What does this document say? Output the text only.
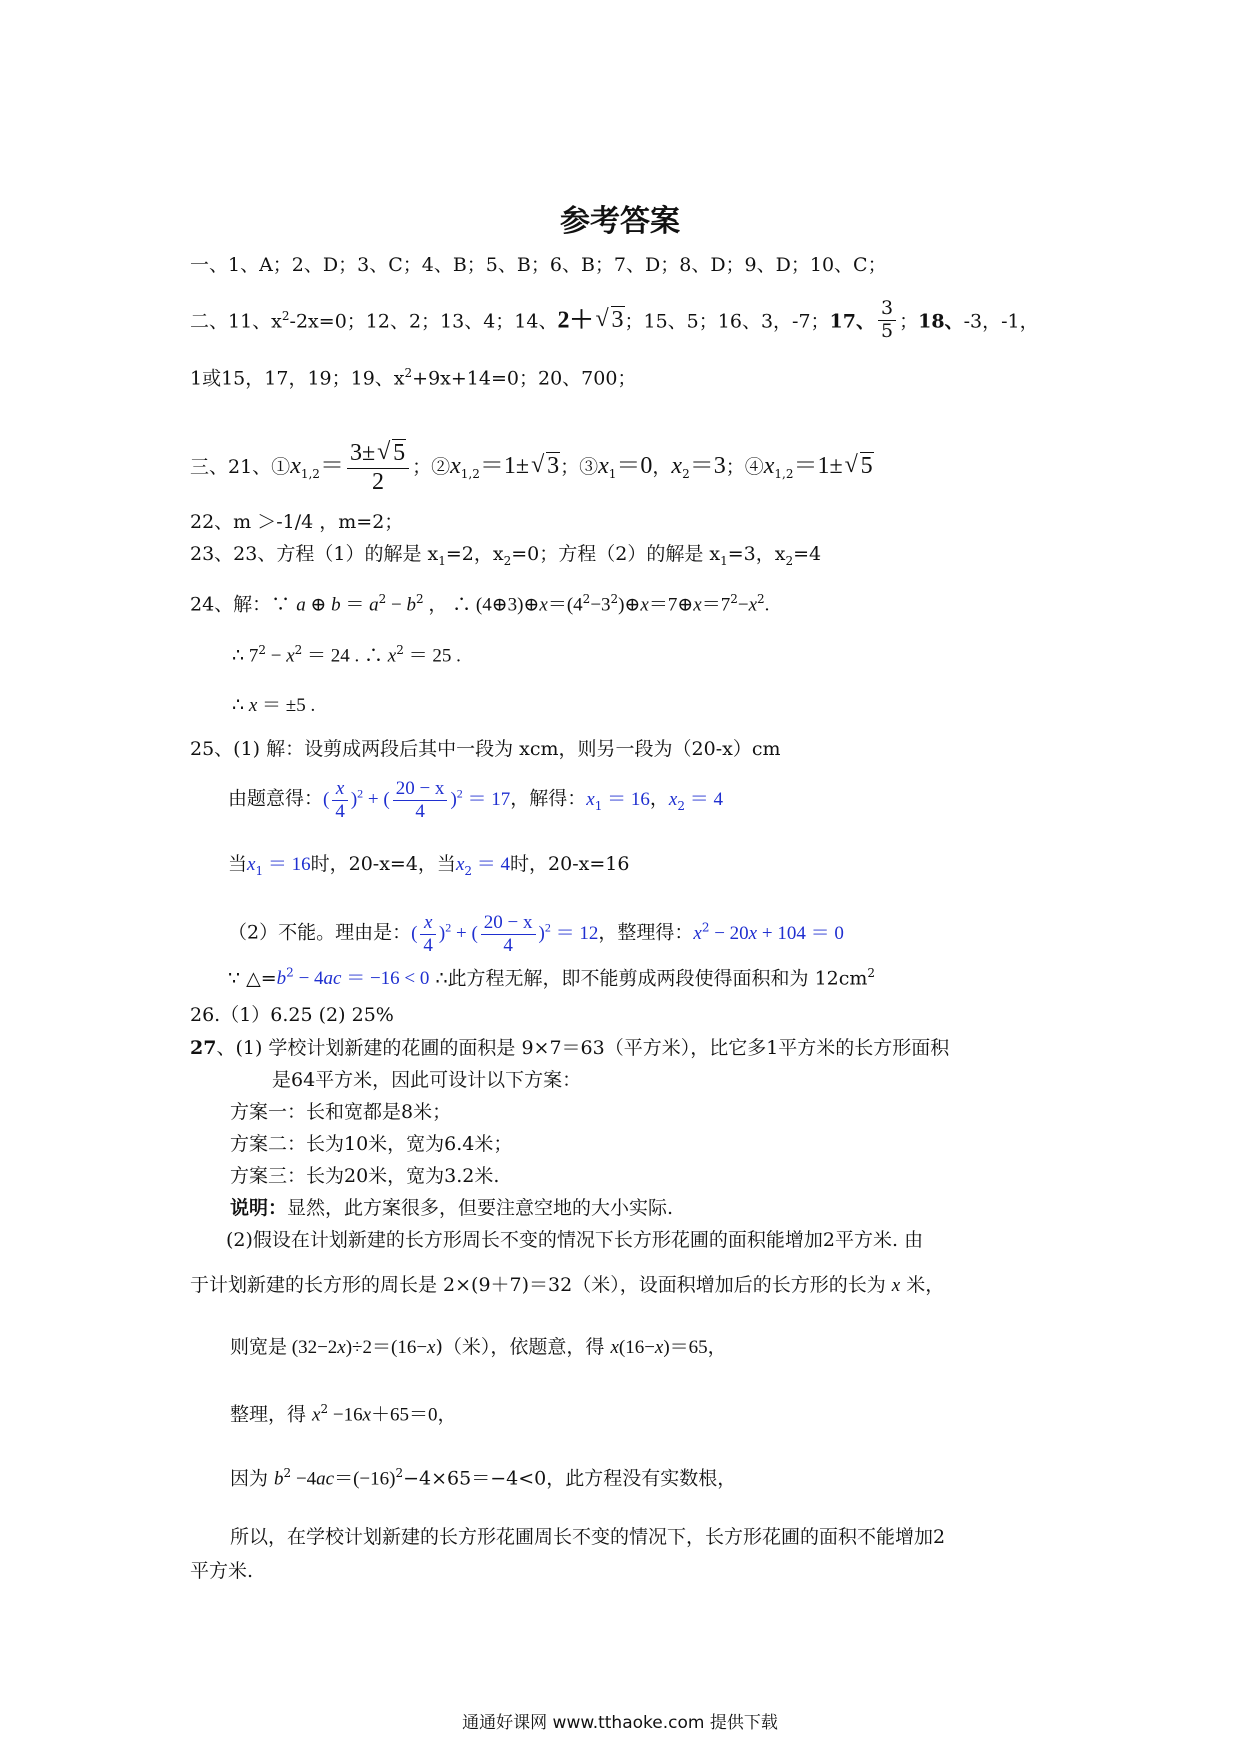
参考答案
一、1、A；2、D；3、C；4、B；5、B；6、B；7、D；8、D；9、D；10、C；
二、11、$x^2-2x=0$；12、2；13、4；14、2＋√ 3；15、5；16、3，-7；17、 $\frac{3}{5}$ ；18、-3，-1，
1或15，17，19；19、$x^2+9x+14=0$；20、700；
三、21、$①x_{1,2}= \frac{3\pm√ 5}{2}$ ；$②x_{1,2}=1\pm√$ 3；$③x_1=0$，$x_2=3$；$④x_{1,2}=1\pm√$ 5
22、m ＞-1/4 ，m=2；
23、23、方程（1）的解是 $x_1=2$，$x_2=0$；方程（2）的解是 $x_1=3$，$x_2=4$
24、解：∵ a ⊕ $b = a^2 - b^2$ ， ∴ $(4\oplus 3)\oplus x=(4^2-3^2)\oplus x=7\oplus x=7^2-x^2$.
∴ $7^2 - x^2 = 24$ . ∴ $x^2 = 25$ .
∴ x ＝ ±5 .
25、(1) 解：设剪成两段后其中一段为 xcm，则另一段为（20-x）cm
由题意得：( $\frac{x}{4} )^2$ + ( $\frac{20 - x}{4} )^2 = 17$，解得：$x_1 = 16$，$x_2 = 4$
当$x_1 = 16$时，20-x=4，当$x_2 = 4$时，20-x=16
（2）不能。理由是：( $\frac{x}{4} )^2$ + ( $\frac{20 - x}{4} )^2 = 12$，整理得：$x^2 - 20x + 104 = 0$
∵ $\triangle=b^2 - 4ac = -16 < 0$ ∴此方程无解，即不能剪成两段使得面积和为 $12cm^2$
26.（1）6.25 (2) 25%
27、(1) 学校计划新建的花圃的面积是 9×7＝63（平方米），比它多1平方米的长方形面积
是64平方米，因此可设计以下方案：
方案一：长和宽都是8米；
方案二：长为10米，宽为6.4米；
方案三：长为20米，宽为3.2米.
说明：显然，此方案很多，但要注意空地的大小实际.
(2)假设在计划新建的长方形周长不变的情况下长方形花圃的面积能增加2平方米. 由
于计划新建的长方形的周长是 2×(9＋7)＝32（米），设面积增加后的长方形的长为 x 米，
则宽是 (32−2x)÷2＝(16−x)（米），依题意，得 x(16−x)＝65，
整理，得 $x^2 -16x+65=0$，
因为 $b^2 -4ac=(-16)^2-4\times 65=-4<0$，此方程没有实数根，
所以，在学校计划新建的长方形花圃周长不变的情况下，长方形花圃的面积不能增加2
平方米.
通通好课网 www.tthaoke.com 提供下载
